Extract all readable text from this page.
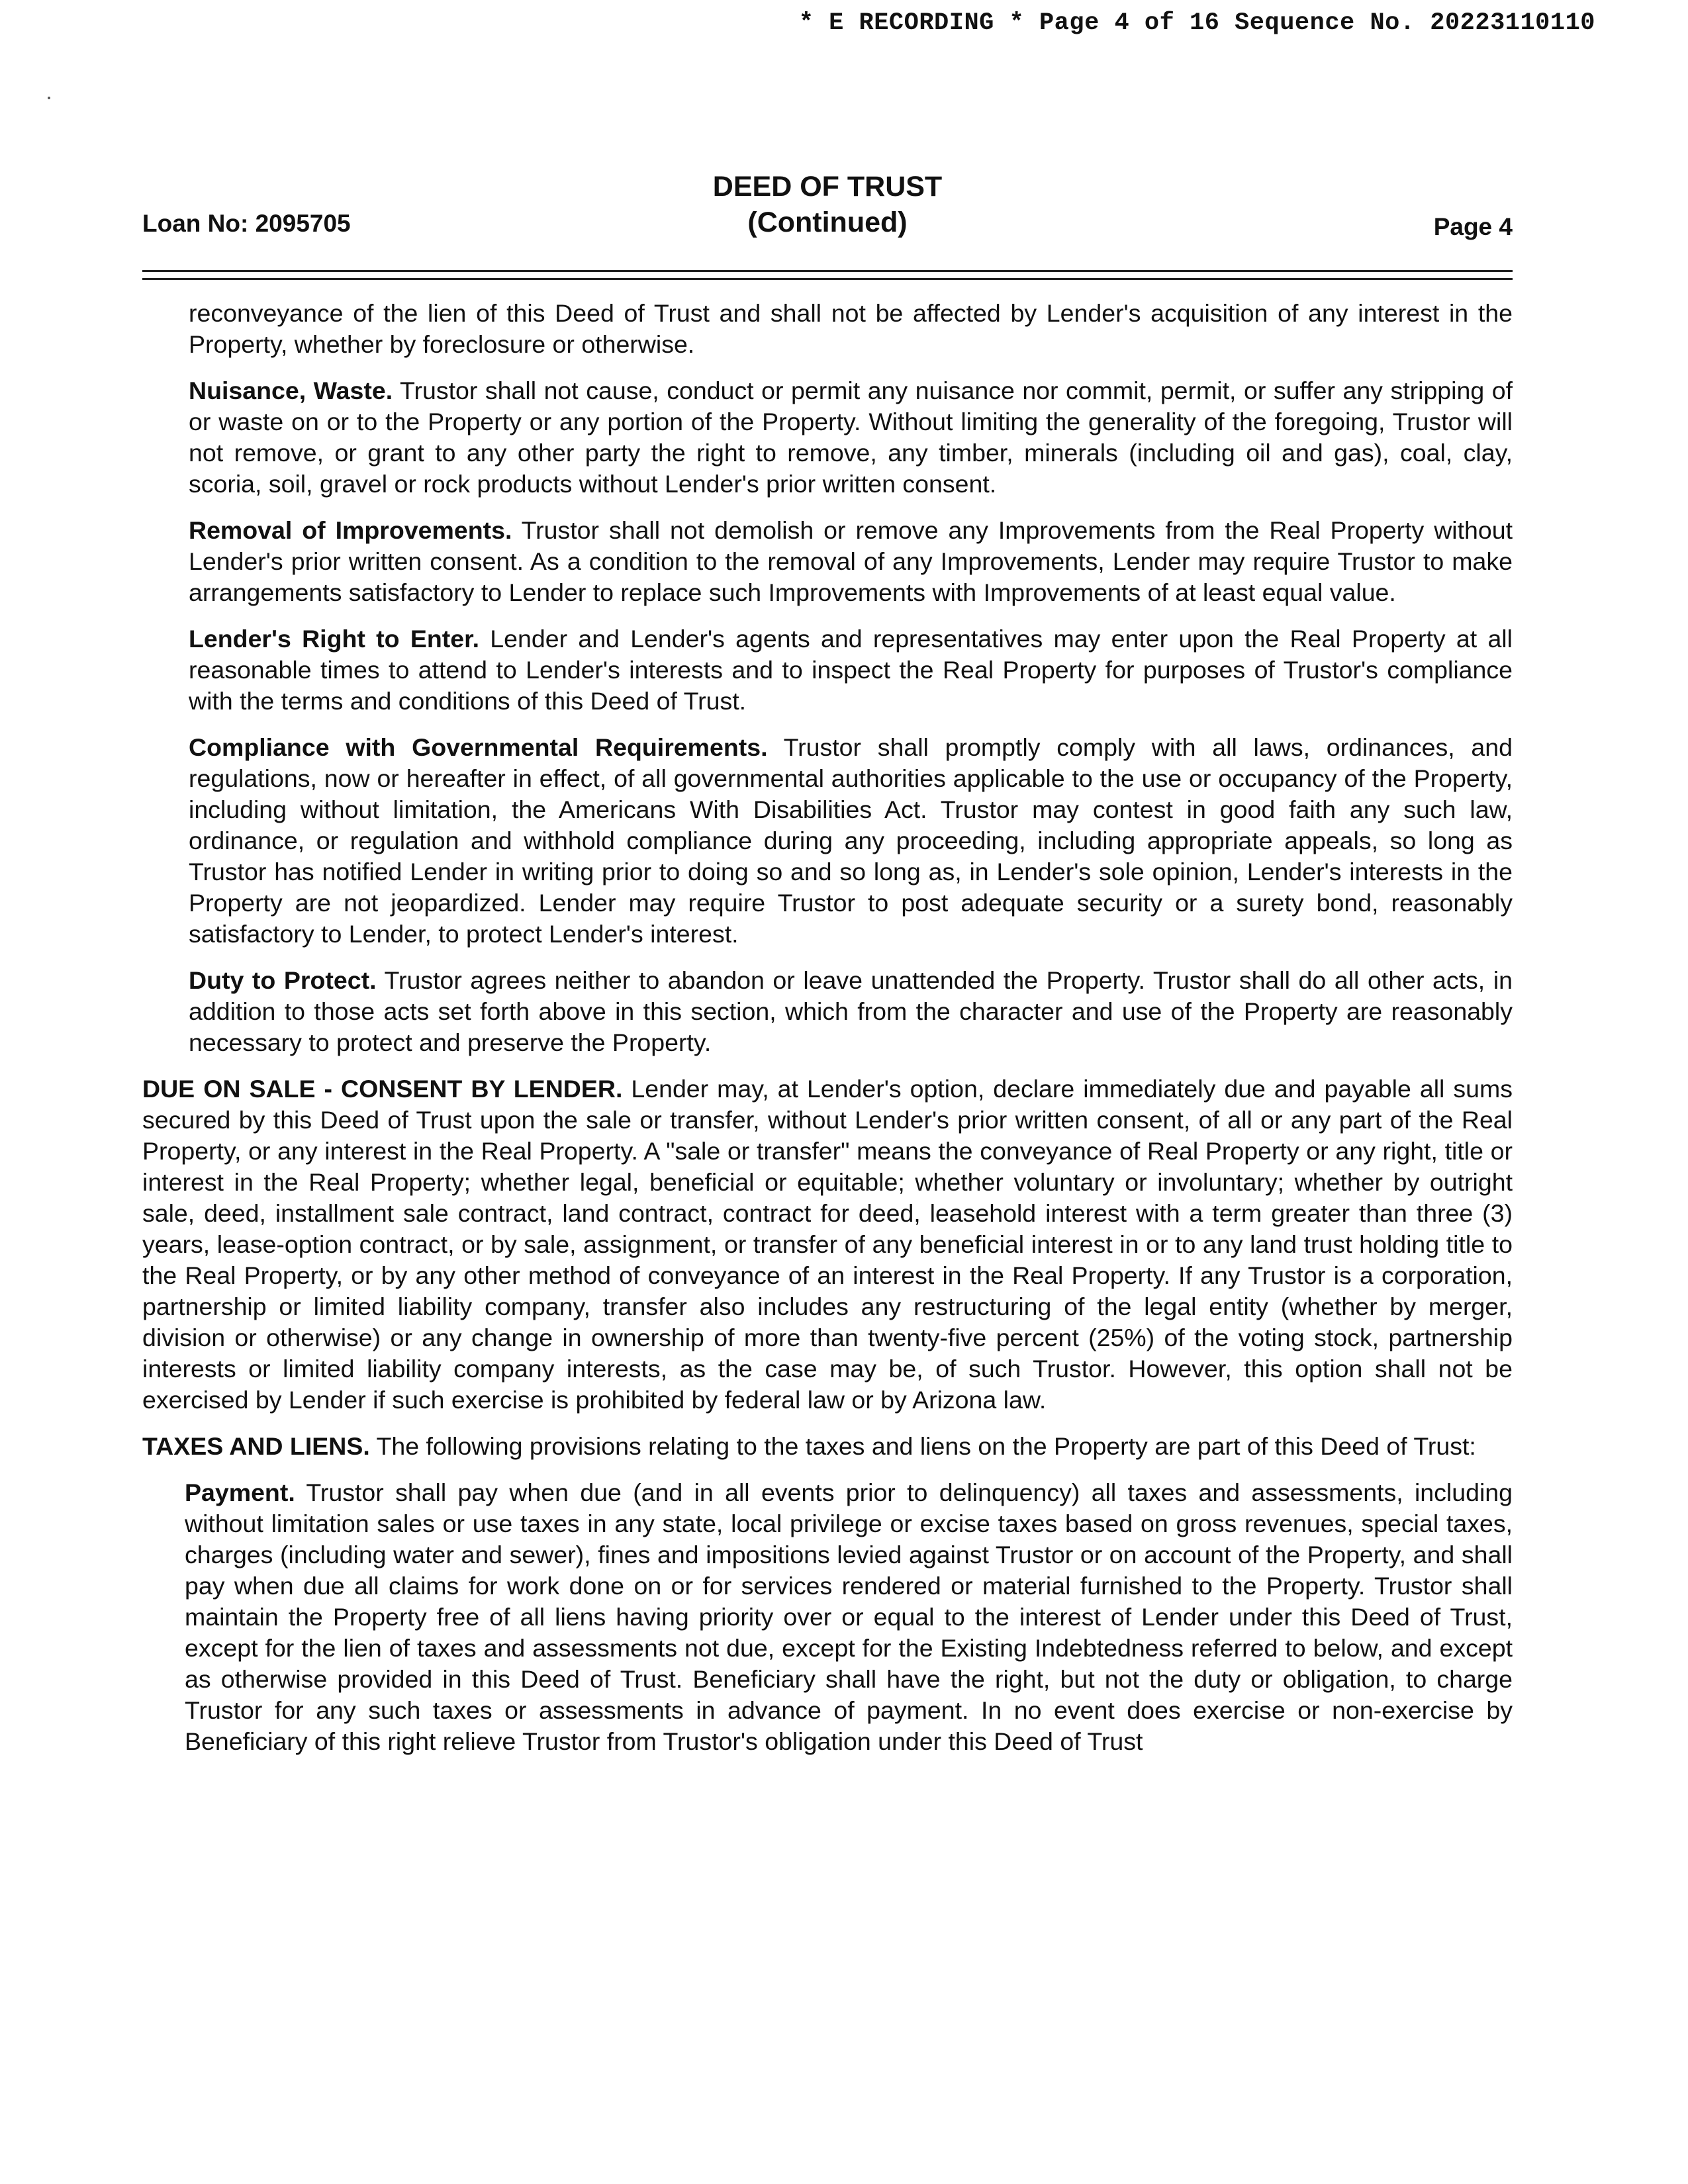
* E RECORDING * Page 4 of 16 Sequence No. 20223110110
Loan No: 2095705
DEED OF TRUST
(Continued)	Page 4

reconveyance of the lien of this Deed of Trust and shall not be affected by Lender's acquisition of any interest in the Property, whether by foreclosure or otherwise.

Nuisance, Waste. Trustor shall not cause, conduct or permit any nuisance nor commit, permit, or suffer any stripping of or waste on or to the Property or any portion of the Property. Without limiting the generality of the foregoing, Trustor will not remove, or grant to any other party the right to remove, any timber, minerals (including oil and gas), coal, clay, scoria, soil, gravel or rock products without Lender's prior written consent.

Removal of Improvements. Trustor shall not demolish or remove any Improvements from the Real Property without Lender's prior written consent. As a condition to the removal of any Improvements, Lender may require Trustor to make arrangements satisfactory to Lender to replace such Improvements with Improvements of at least equal value.

Lender's Right to Enter. Lender and Lender's agents and representatives may enter upon the Real Property at all reasonable times to attend to Lender's interests and to inspect the Real Property for purposes of Trustor's compliance with the terms and conditions of this Deed of Trust.

Compliance with Governmental Requirements. Trustor shall promptly comply with all laws, ordinances, and regulations, now or hereafter in effect, of all governmental authorities applicable to the use or occupancy of the Property, including without limitation, the Americans With Disabilities Act. Trustor may contest in good faith any such law, ordinance, or regulation and withhold compliance during any proceeding, including appropriate appeals, so long as Trustor has notified Lender in writing prior to doing so and so long as, in Lender's sole opinion, Lender's interests in the Property are not jeopardized. Lender may require Trustor to post adequate security or a surety bond, reasonably satisfactory to Lender, to protect Lender's interest.

Duty to Protect. Trustor agrees neither to abandon or leave unattended the Property. Trustor shall do all other acts, in addition to those acts set forth above in this section, which from the character and use of the Property are reasonably necessary to protect and preserve the Property.

DUE ON SALE - CONSENT BY LENDER. Lender may, at Lender's option, declare immediately due and payable all sums secured by this Deed of Trust upon the sale or transfer, without Lender's prior written consent, of all or any part of the Real Property, or any interest in the Real Property. A "sale or transfer" means the conveyance of Real Property or any right, title or interest in the Real Property; whether legal, beneficial or equitable; whether voluntary or involuntary; whether by outright sale, deed, installment sale contract, land contract, contract for deed, leasehold interest with a term greater than three (3) years, lease-option contract, or by sale, assignment, or transfer of any beneficial interest in or to any land trust holding title to the Real Property, or by any other method of conveyance of an interest in the Real Property. If any Trustor is a corporation, partnership or limited liability company, transfer also includes any restructuring of the legal entity (whether by merger, division or otherwise) or any change in ownership of more than twenty-five percent (25%) of the voting stock, partnership interests or limited liability company interests, as the case may be, of such Trustor. However, this option shall not be exercised by Lender if such exercise is prohibited by federal law or by Arizona law.

TAXES AND LIENS. The following provisions relating to the taxes and liens on the Property are part of this Deed of Trust:

Payment. Trustor shall pay when due (and in all events prior to delinquency) all taxes and assessments, including without limitation sales or use taxes in any state, local privilege or excise taxes based on gross revenues, special taxes, charges (including water and sewer), fines and impositions levied against Trustor or on account of the Property, and shall pay when due all claims for work done on or for services rendered or material furnished to the Property. Trustor shall maintain the Property free of all liens having priority over or equal to the interest of Lender under this Deed of Trust, except for the lien of taxes and assessments not due, except for the Existing Indebtedness referred to below, and except as otherwise provided in this Deed of Trust. Beneficiary shall have the right, but not the duty or obligation, to charge Trustor for any such taxes or assessments in advance of payment. In no event does exercise or non-exercise by Beneficiary of this right relieve Trustor from Trustor's obligation under this Deed of Trust
